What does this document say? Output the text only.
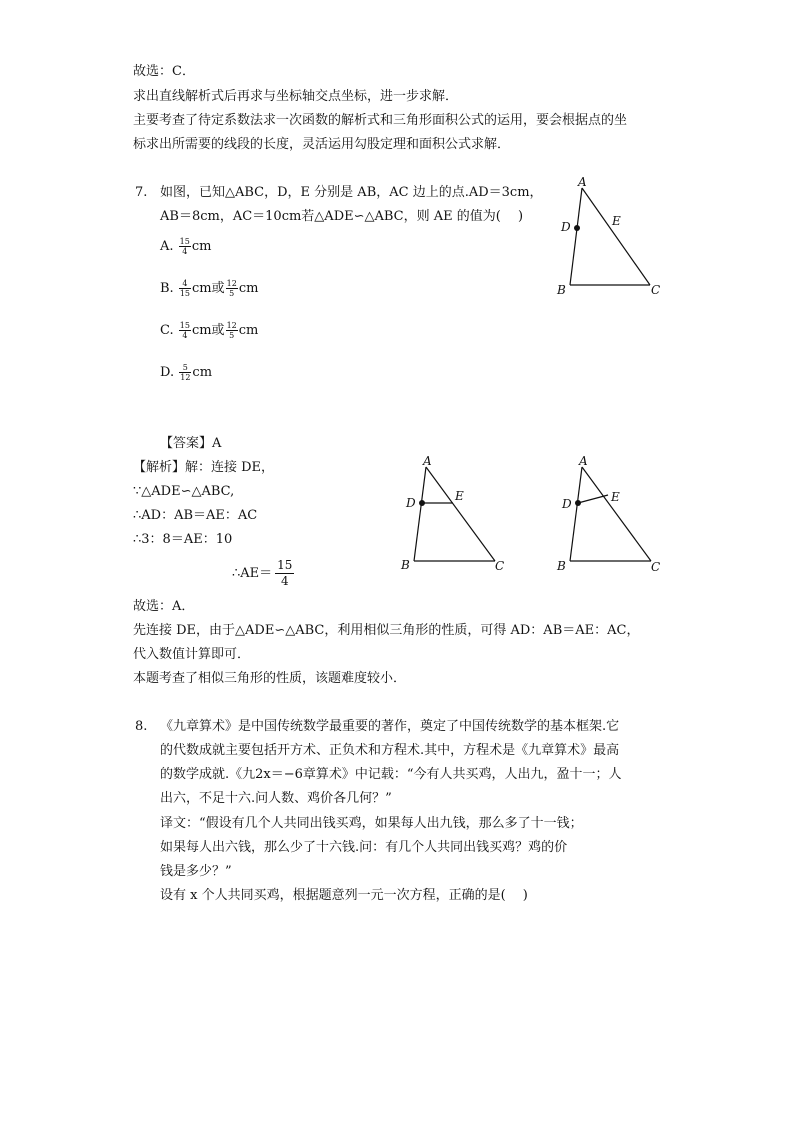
故选：C．
求出直线解析式后再求与坐标轴交点坐标，进一步求解．
主要考查了待定系数法求一次函数的解析式和三角形面积公式的运用，要会根据点的坐
标求出所需要的线段的长度，灵活运用勾股定理和面积公式求解．
7. 如图，已知△ABC，D，E 分别是 AB，AC 边上的点.AD＝3cm，
AB＝8cm，AC＝10cm若△ADE∽△ABC，则 AE 的值为(　 )
A. $\frac{15}{4}$ cm
B. $\frac{4}{15}$ cm或 $\frac{12}{5}$ cm
C. $\frac{15}{4}$ cm或 $\frac{12}{5}$ cm
D. $\frac{5}{12}$ cm
A
D	E
B	C
【答案】A
【解析】解：连接 DE，
∵△ADE∽△ABC,
∴AD：AB＝AE：AC
∴3：8＝AE：10
∴AE＝ $\frac{15}{4}$
A
D	E
B	C
A
D	E
B	C
故选：A．
先连接 DE，由于△ADE∽△ABC，利用相似三角形的性质，可得 AD：AB＝AE：AC，
代入数值计算即可．
本题考查了相似三角形的性质，该题难度较小．
8. 《九章算术》是中国传统数学最重要的著作，奠定了中国传统数学的基本框架.它
的代数成就主要包括开方术、正负术和方程术.其中，方程术是《九章算术》最高
的数学成就.《九2x＝−6章算术》中记载：“今有人共买鸡，人出九，盈十一；人
出六，不足十六.问人数、鸡价各几何？”
译文：“假设有几个人共同出钱买鸡，如果每人出九钱，那么多了十一钱；
如果每人出六钱，那么少了十六钱.问：有几个人共同出钱买鸡？鸡的价
钱是多少？”
设有 x 个人共同买鸡，根据题意列一元一次方程，正确的是(　 )
